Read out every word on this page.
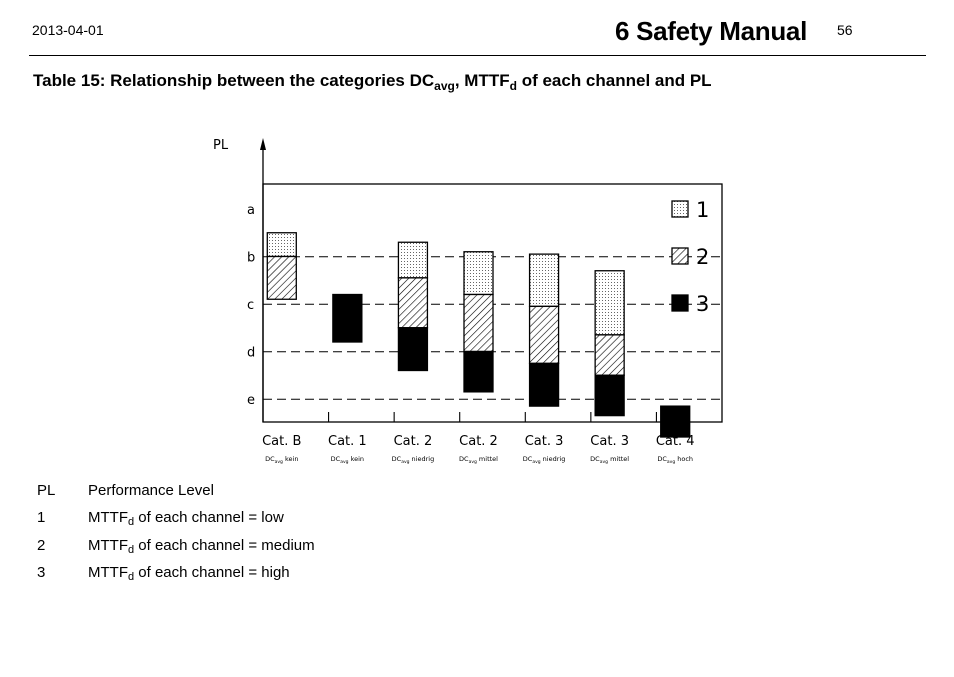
2013-04-01	6 Safety Manual 56
Table 15: Relationship between the categories $DC_{avg}$, $MTTF_d$ of each channel and PL
PL
a
b
c
d
e
Cat. B
$DC_{avg}$ kein
Cat. 1
$DC_{avg}$ kein
Cat. 2
$DC_{avg}$ niedrig
Cat. 2
$DC_{avg}$ mittel
Cat. 3
$DC_{avg}$ niedrig
Cat. 3
$DC_{avg}$ mittel
Cat. 4
$DC_{avg}$ hoch
1
2
3
PL Performance Level
1	$MTTF_d$ of each channel = low
2	$MTTF_d$ of each channel = medium
3	$MTTF_d$ of each channel = high
